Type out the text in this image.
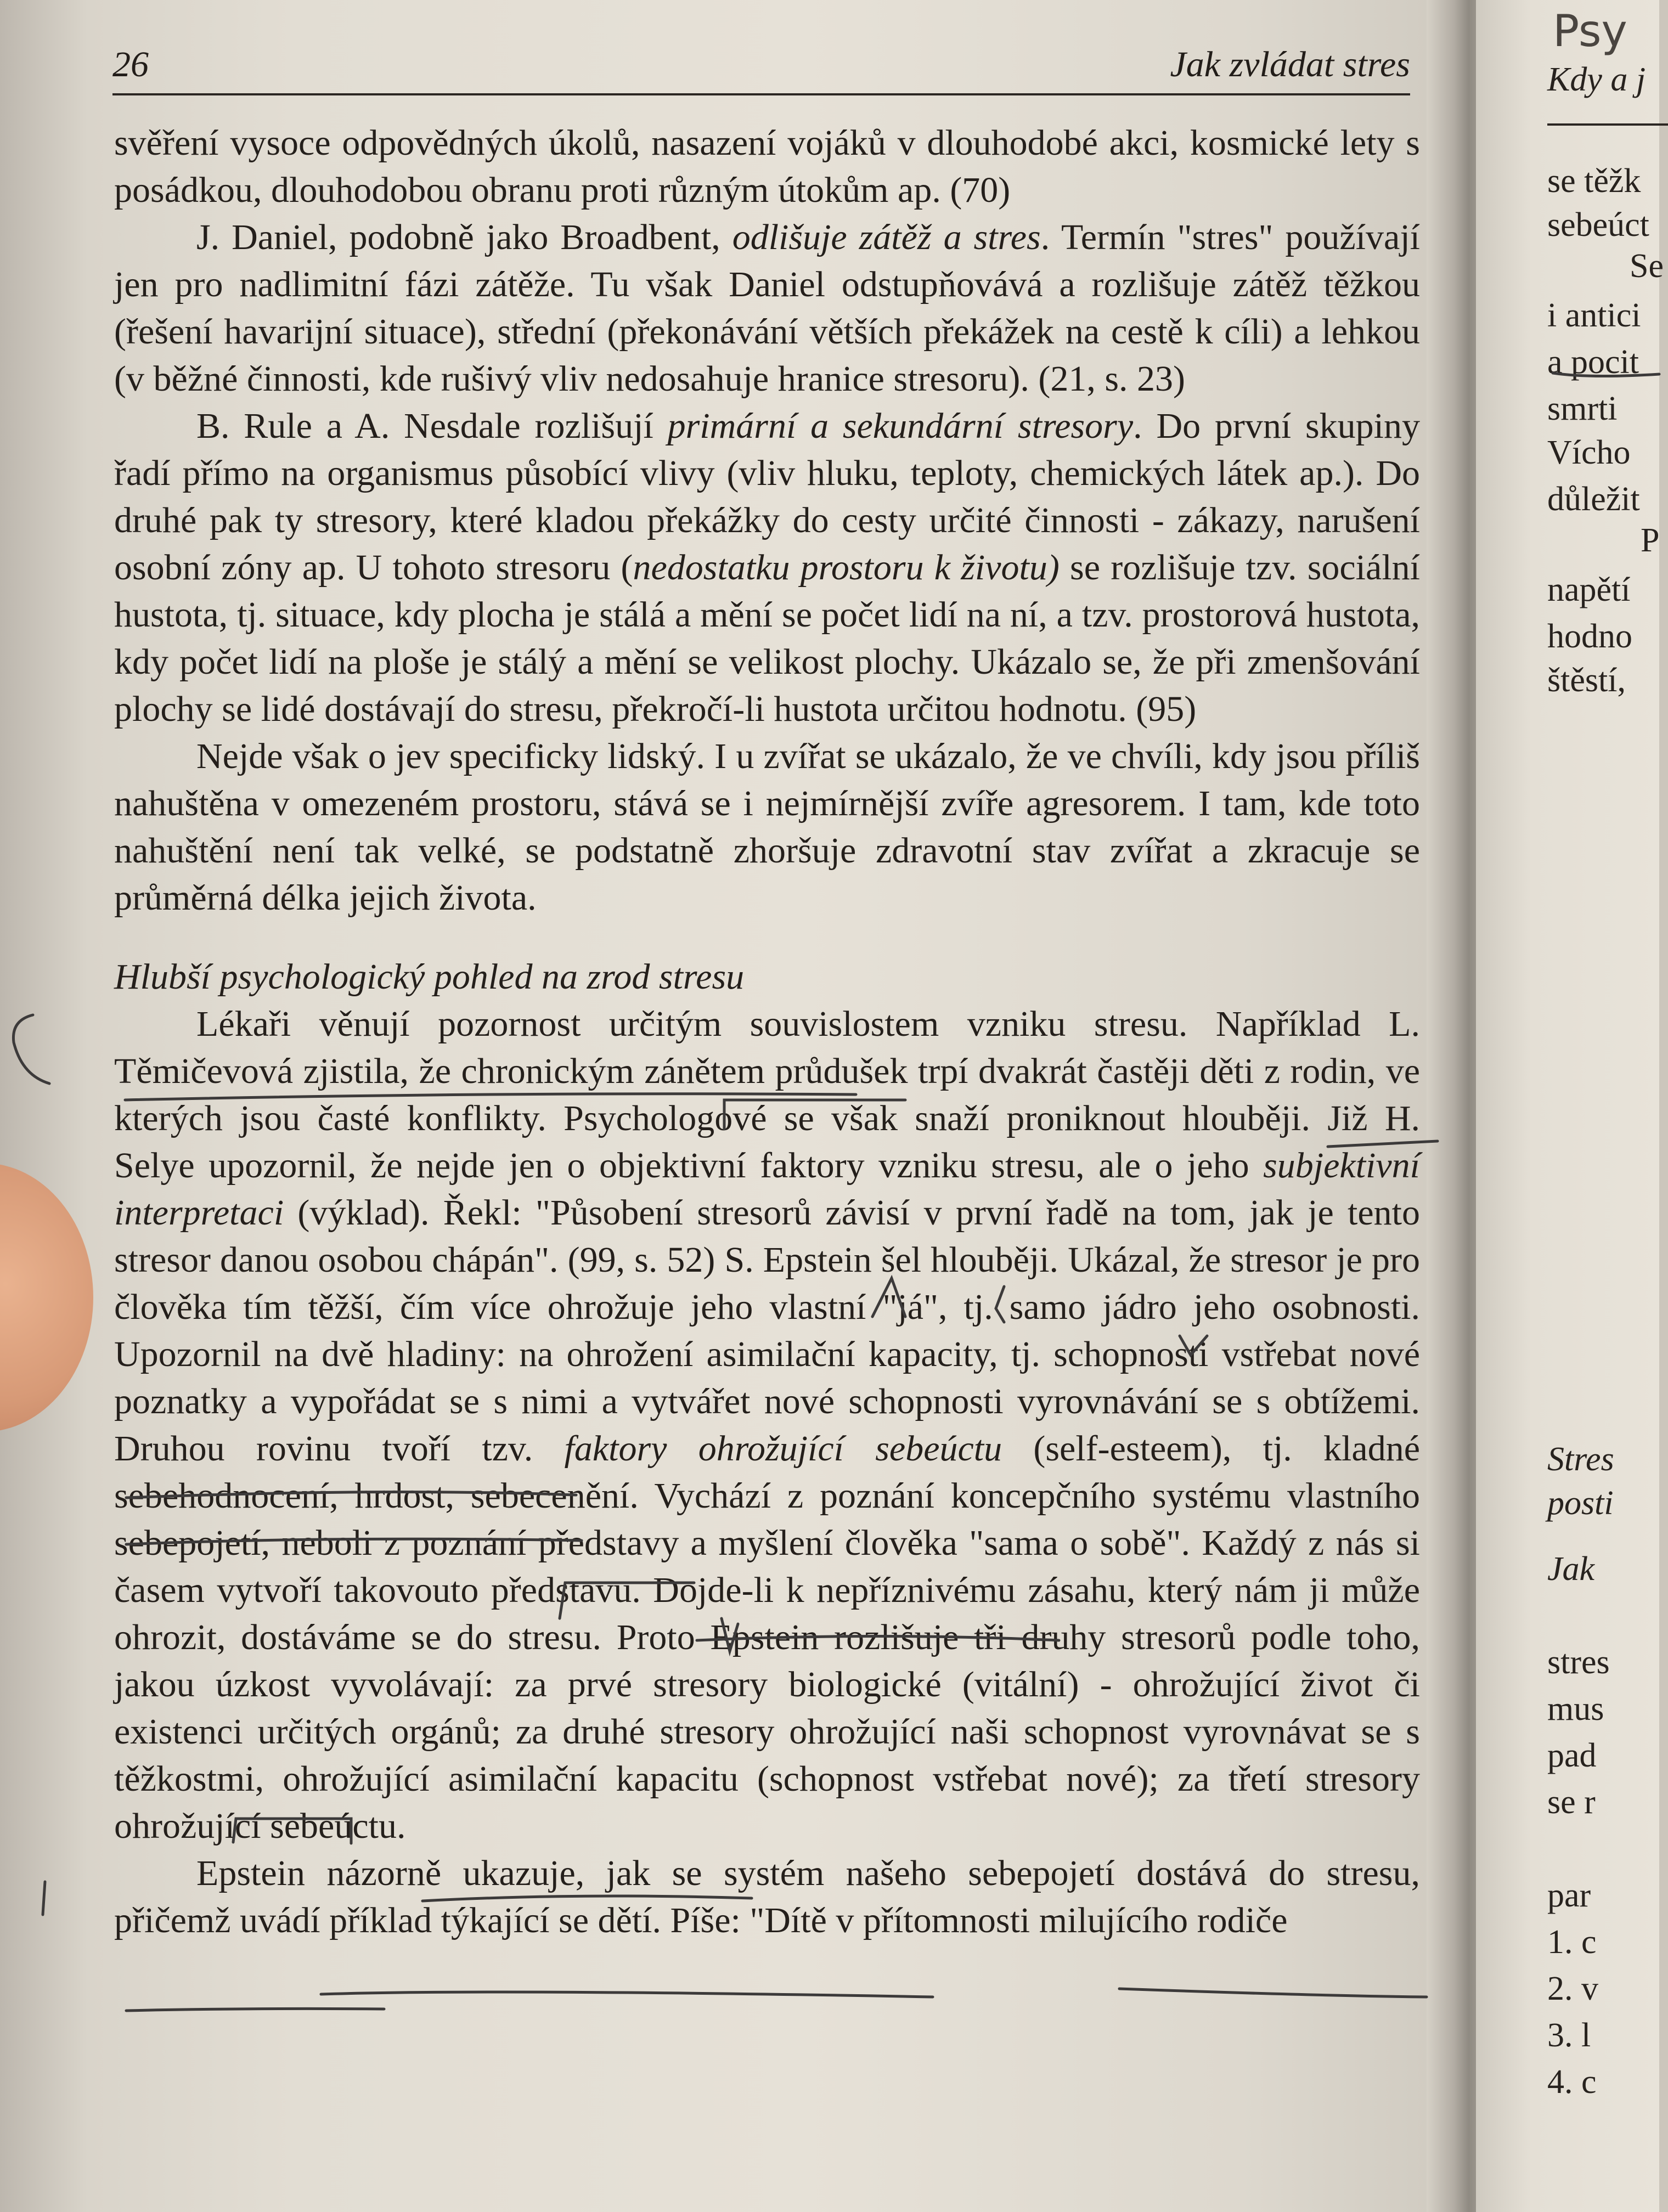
26	Jak zvládat stres

svěření vysoce odpovědných úkolů, nasazení vojáků v dlouhodobé akci, kosmické lety s posádkou, dlouhodobou obranu proti různým útokům ap. (70)

J. Daniel, podobně jako Broadbent, odlišuje zátěž a stres. Termín "stres" používají jen pro nadlimitní fázi zátěže. Tu však Daniel odstupňovává a rozlišuje zátěž těžkou (řešení havarijní situace), střední (překonávání větších překážek na cestě k cíli) a lehkou (v běžné činnosti, kde rušivý vliv nedosahuje hranice stresoru). (21, s. 23)

B. Rule a A. Nesdale rozlišují primární a sekundární stresory. Do první skupiny řadí přímo na organismus působící vlivy (vliv hluku, teploty, chemických látek ap.). Do druhé pak ty stresory, které kladou překážky do cesty určité činnosti - zákazy, narušení osobní zóny ap. U tohoto stresoru (nedostatku prostoru k životu) se rozlišuje tzv. sociální hustota, tj. situace, kdy plocha je stálá a mění se počet lidí na ní, a tzv. prostorová hustota, kdy počet lidí na ploše je stálý a mění se velikost plochy. Ukázalo se, že při zmenšování plochy se lidé dostávají do stresu, překročí-li hustota určitou hodnotu. (95)

Nejde však o jev specificky lidský. I u zvířat se ukázalo, že ve chvíli, kdy jsou příliš nahuštěna v omezeném prostoru, stává se i nejmírnější zvíře agresorem. I tam, kde toto nahuštění není tak velké, se podstatně zhoršuje zdravotní stav zvířat a zkracuje se průměrná délka jejich života.

Hlubší psychologický pohled na zrod stresu

Lékaři věnují pozornost určitým souvislostem vzniku stresu. Například L. Těmičevová zjistila, že chronickým zánětem průdušek trpí dvakrát častěji děti z rodin, ve kterých jsou časté konflikty. Psychologové se však snaží proniknout hlouběji. Již H. Selye upozornil, že nejde jen o objektivní faktory vzniku stresu, ale o jeho subjektivní interpretaci (výklad). Řekl: "Působení stresorů závisí v první řadě na tom, jak je tento stresor danou osobou chápán". (99, s. 52) S. Epstein šel hlouběji. Ukázal, že stresor je pro člověka tím těžší, čím více ohrožuje jeho vlastní "já", tj. samo jádro jeho osobnosti. Upozornil na dvě hladiny: na ohrožení asimilační kapacity, tj. schopnosti vstřebat nové poznatky a vypořádat se s nimi a vytvářet nové schopnosti vyrovnávání se s obtížemi. Druhou rovinu tvoří tzv. faktory ohrožující sebeúctu (self-esteem), tj. kladné sebehodnocení, hrdost, sebecenění. Vychází z poznání koncepčního systému vlastního sebepojetí, neboli z poznání představy a myšlení člověka "sama o sobě". Každý z nás si časem vytvoří takovouto představu. Dojde-li k nepříznivému zásahu, který nám ji může ohrozit, dostáváme se do stresu. Proto Epstein rozlišuje tři druhy stresorů podle toho, jakou úzkost vyvolávají: za prvé stresory biologické (vitální) - ohrožující život či existenci určitých orgánů; za druhé stresory ohrožující naši schopnost vyrovnávat se s těžkostmi, ohrožující asimilační kapacitu (schopnost vstřebat nové); za třetí stresory ohrožující sebeúctu.

Epstein názorně ukazuje, jak se systém našeho sebepojetí dostává do stresu, přičemž uvádí příklad týkající se dětí. Píše: "Dítě v přítomnosti milujícího rodiče

Psy
Kdy a j
se těžk
sebeúct
Se
i antici
a pocit
smrti
Vícho
důležit
P
napětí
hodno
štěstí,
Stres
posti
Jak
stres
mus
pad
se r
par
1. c
2. v
3. l
4. c
